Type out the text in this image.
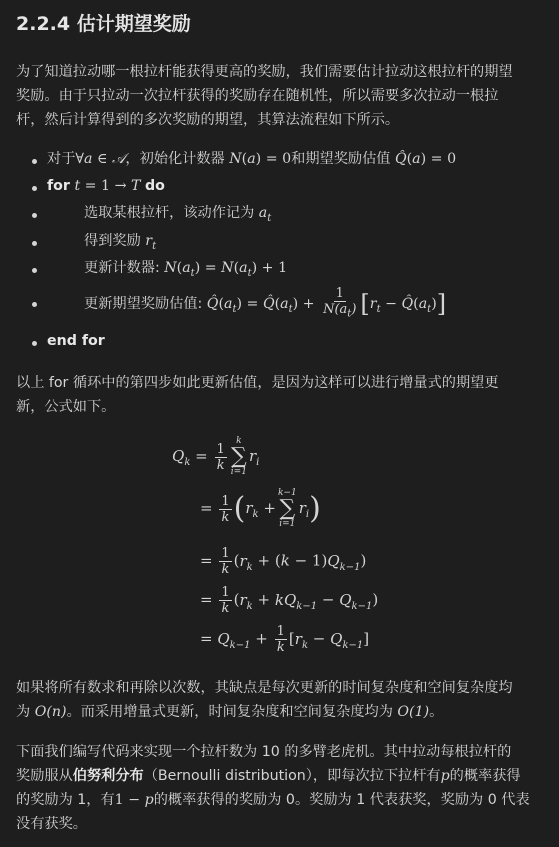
2.2.4 估计期望奖励
为了知道拉动哪一根拉杆能获得更高的奖励，我们需要估计拉动这根拉杆的期望
奖励。由于只拉动一次拉杆获得的奖励存在随机性，所以需要多次拉动一根拉
杆，然后计算得到的多次奖励的期望，其算法流程如下所示。
对于∀a ∈ 𝒜，初始化计数器 N(a) = 0和期望奖励估值 Q̂(a) = 0
for t = 1 → T do
选取某根拉杆，该动作记为 $a_t$
得到奖励 $r_t$
更新计数器: $N(a_t) = N(a_t) + 1$
更新期望奖励估值: $Q̂(a_t)$ = $Q̂(a_t) + \frac{1}{N(a_t)} [r_t$ − $Q̂(a_t)$]
end for
以上 for 循环中的第四步如此更新估值，是因为这样可以进行增量式的期望更
新，公式如下。
$Q_k = \frac{1}{k}$
k
∑
i=1
$r_i$
= $\frac{1}{k} (r_k$ +
k−1
∑
i=1
$r_i$)
= $\frac{1}{k} (r_k + (k - 1)Q_{k-1})$
= $\frac{1}{k} (r_k + kQ_{k-1} - Q_{k-1})$
= $Q_{k-1} + \frac{1}{k} [r_k - Q_{k-1}]$
如果将所有数求和再除以次数，其缺点是每次更新的时间复杂度和空间复杂度均
为 O(n)。而采用增量式更新，时间复杂度和空间复杂度均为 O(1)。
下面我们编写代码来实现一个拉杆数为 10 的多臂老虎机。其中拉动每根拉杆的
奖励服从伯努利分布（Bernoulli distribution），即每次拉下拉杆有p的概率获得
的奖励为 1，有1 − p的概率获得的奖励为 0。奖励为 1 代表获奖，奖励为 0 代表
没有获奖。
